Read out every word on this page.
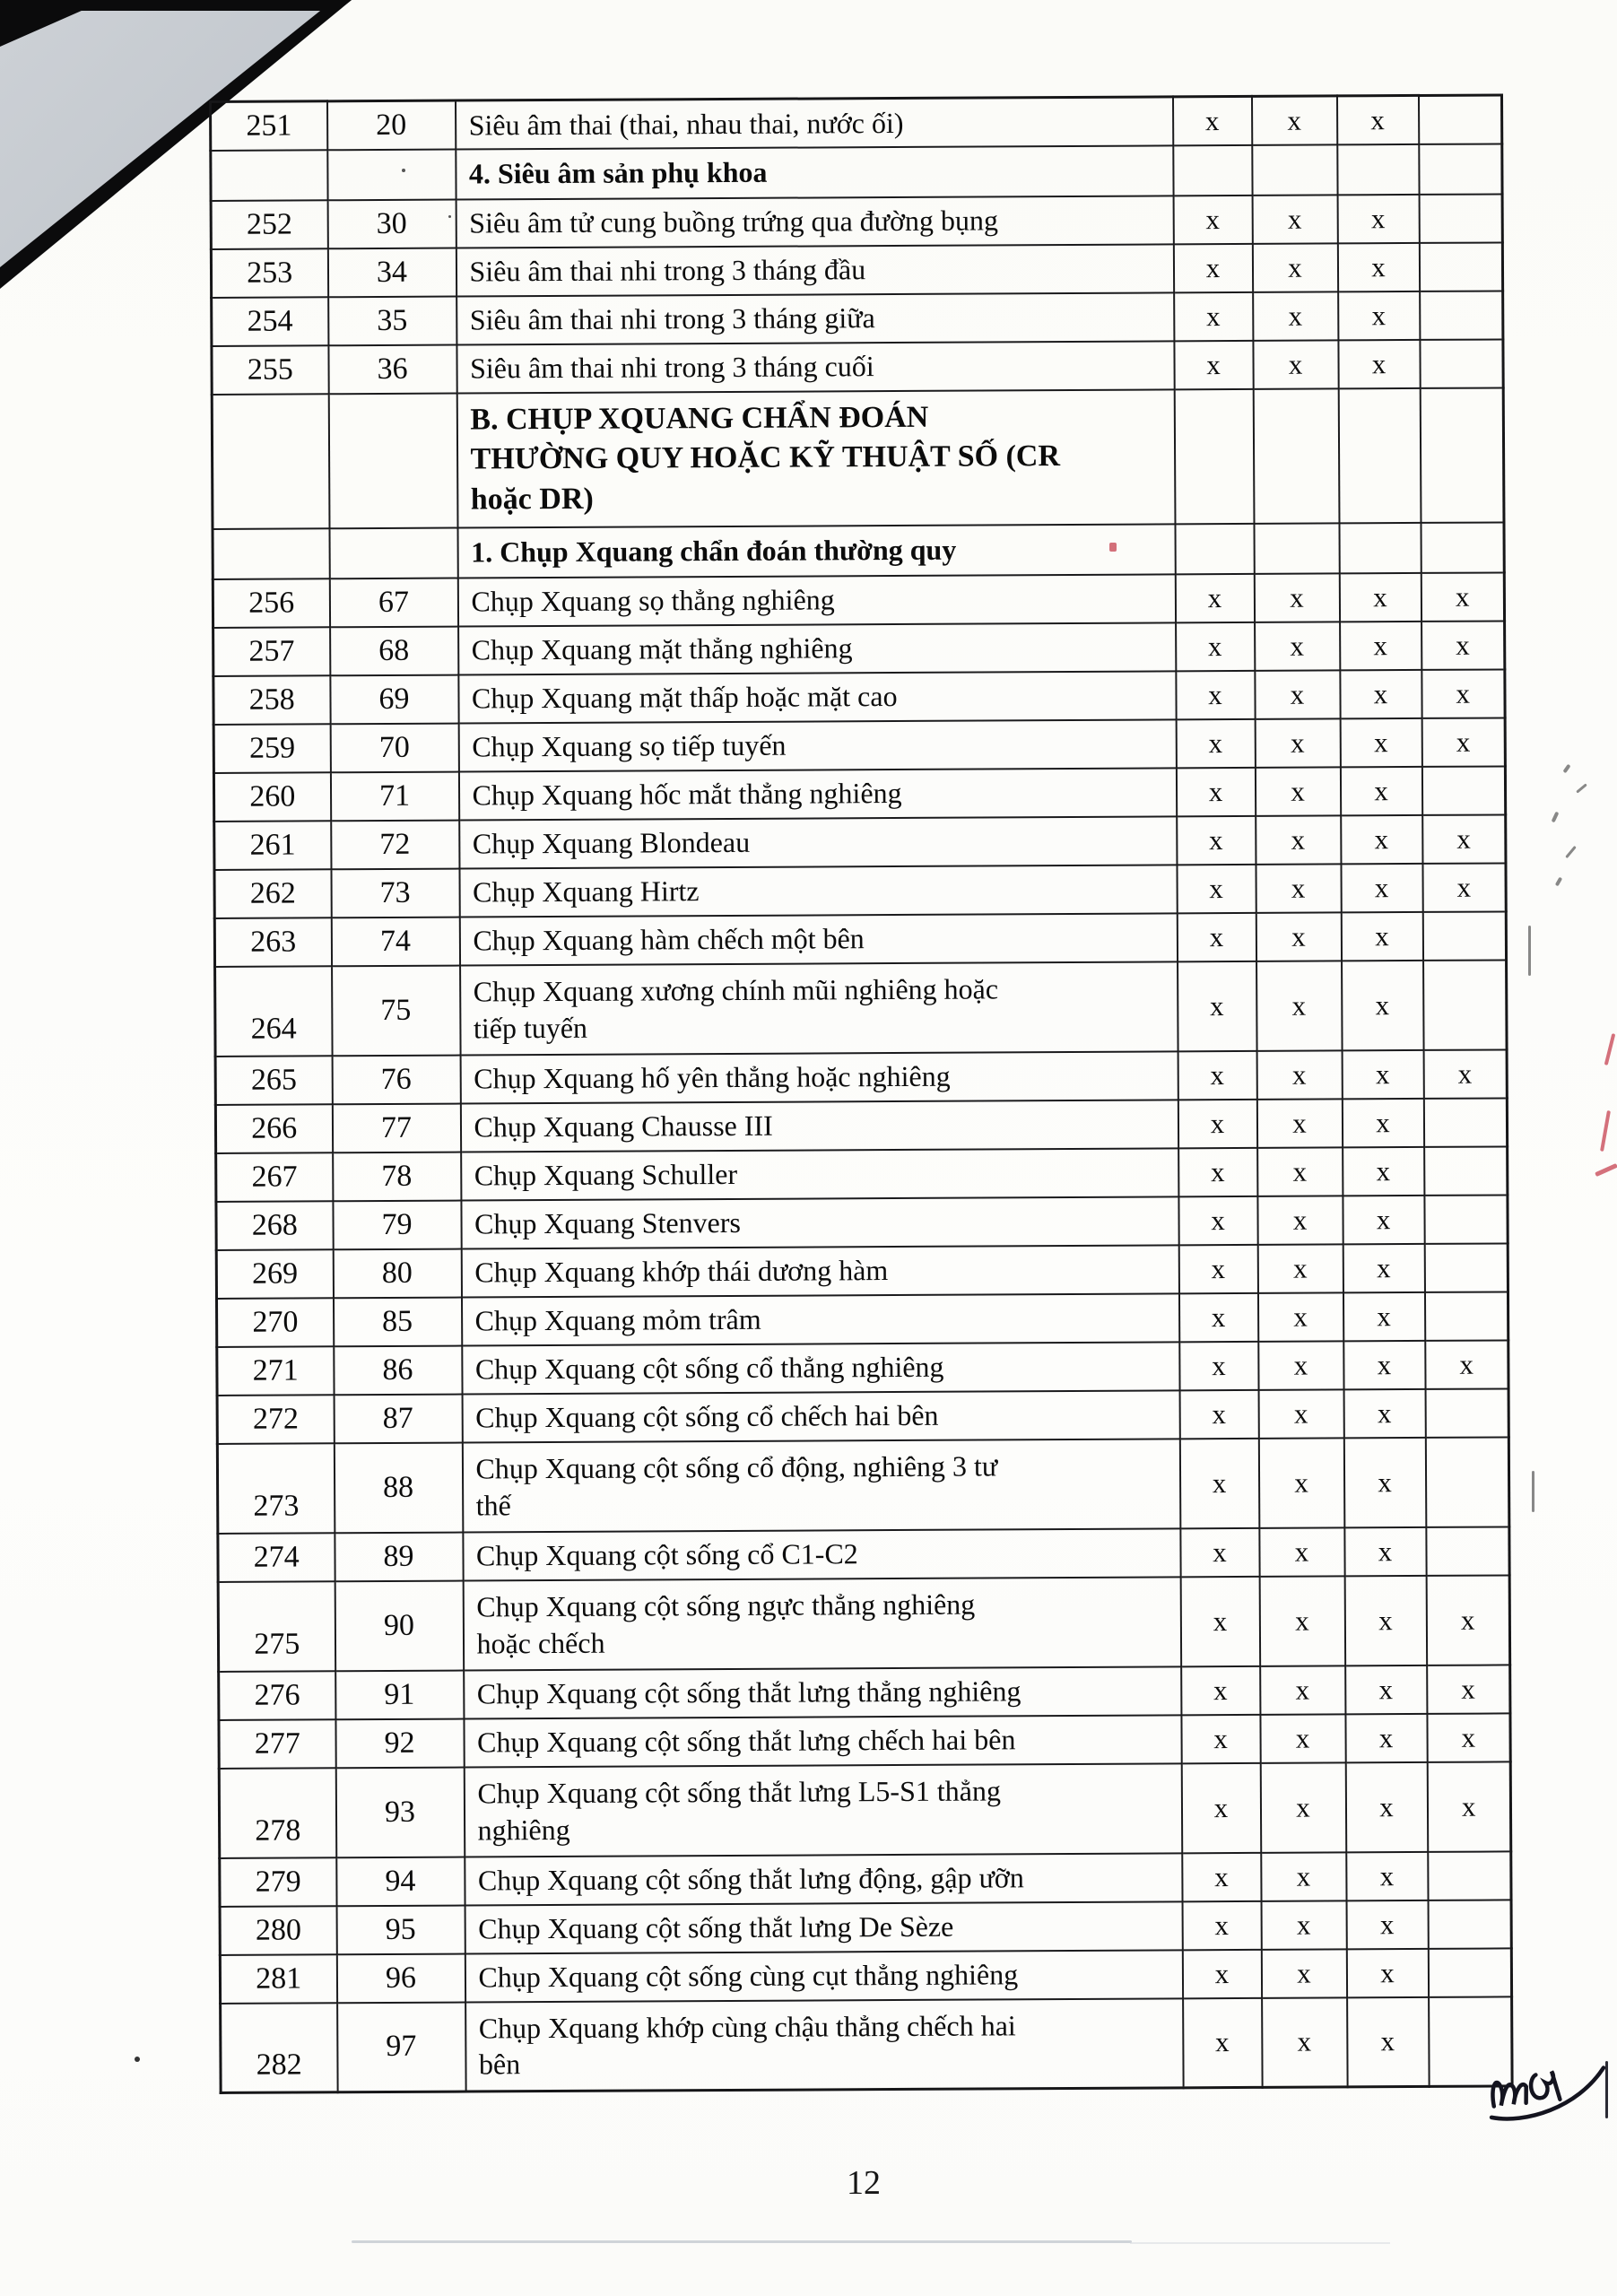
251	20	Siêu âm thai (thai, nhau thai, nước ối)	x	x	x	
		4. Siêu âm sản phụ khoa				
252	30	Siêu âm tử cung buồng trứng qua đường bụng	x	x	x	
253	34	Siêu âm thai nhi trong 3 tháng đầu	x	x	x	
254	35	Siêu âm thai nhi trong 3 tháng giữa	x	x	x	
255	36	Siêu âm thai nhi trong 3 tháng cuối	x	x	x	
		B. CHỤP XQUANG CHẨN ĐOÁN
THƯỜNG QUY HOẶC KỸ THUẬT SỐ (CR
hoặc DR)				
		1. Chụp Xquang chẩn đoán thường quy				
256	67	Chụp Xquang sọ thẳng nghiêng	x	x	x	x
257	68	Chụp Xquang mặt thẳng nghiêng	x	x	x	x
258	69	Chụp Xquang mặt thấp hoặc mặt cao	x	x	x	x
259	70	Chụp Xquang sọ tiếp tuyến	x	x	x	x
260	71	Chụp Xquang hốc mắt thẳng nghiêng	x	x	x	
261	72	Chụp Xquang Blondeau	x	x	x	x
262	73	Chụp Xquang Hirtz	x	x	x	x
263	74	Chụp Xquang hàm chếch một bên	x	x	x	
264	75	Chụp Xquang xương chính mũi nghiêng hoặc
tiếp tuyến	x	x	x	
265	76	Chụp Xquang hố yên thẳng hoặc nghiêng	x	x	x	x
266	77	Chụp Xquang Chausse III	x	x	x	
267	78	Chụp Xquang Schuller	x	x	x	
268	79	Chụp Xquang Stenvers	x	x	x	
269	80	Chụp Xquang khớp thái dương hàm	x	x	x	
270	85	Chụp Xquang mỏm trâm	x	x	x	
271	86	Chụp Xquang cột sống cổ thẳng nghiêng	x	x	x	x
272	87	Chụp Xquang cột sống cổ chếch hai bên	x	x	x	
273	88	Chụp Xquang cột sống cổ động, nghiêng 3 tư
thế	x	x	x	
274	89	Chụp Xquang cột sống cổ C1-C2	x	x	x	
275	90	Chụp Xquang cột sống ngực thẳng nghiêng
hoặc chếch	x	x	x	x
276	91	Chụp Xquang cột sống thắt lưng thẳng nghiêng	x	x	x	x
277	92	Chụp Xquang cột sống thắt lưng chếch hai bên	x	x	x	x
278	93	Chụp Xquang cột sống thắt lưng L5-S1 thẳng
nghiêng	x	x	x	x
279	94	Chụp Xquang cột sống thắt lưng động, gập ưỡn	x	x	x	
280	95	Chụp Xquang cột sống thắt lưng De Sèze	x	x	x	
281	96	Chụp Xquang cột sống cùng cụt thẳng nghiêng	x	x	x	
282	97	Chụp Xquang khớp cùng chậu thẳng chếch hai
bên	x	x	x	
12
